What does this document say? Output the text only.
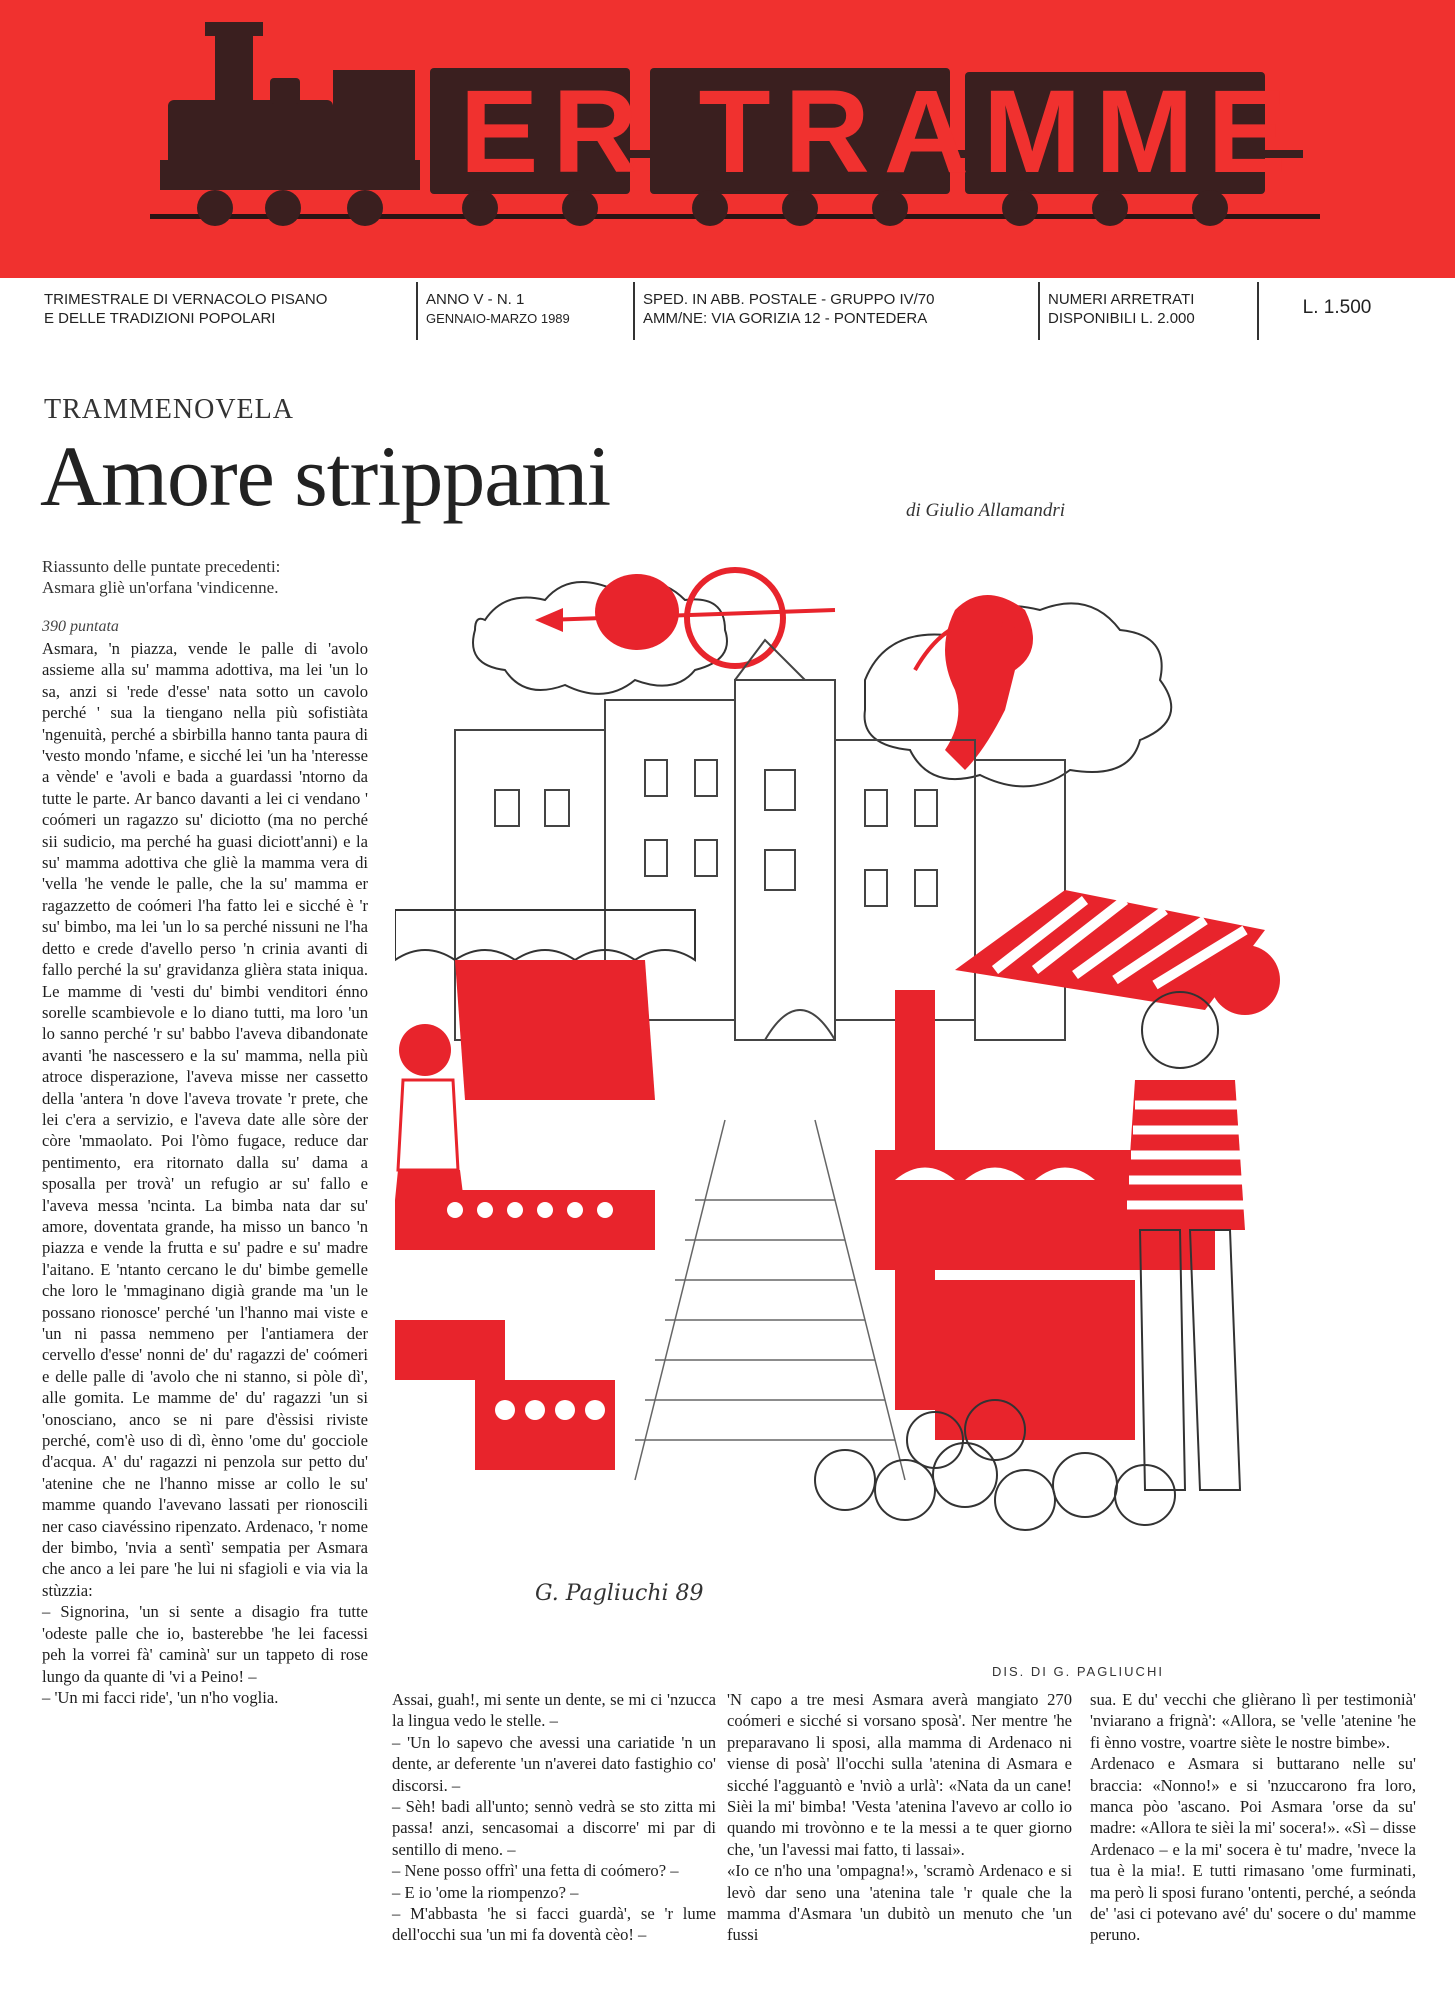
ER TRAMME
TRIMESTRALE DI VERNACOLO PISANO
E DELLE TRADIZIONI POPOLARI
ANNO V - N. 1
GENNAIO-MARZO 1989
SPED. IN ABB. POSTALE - GRUPPO IV/70
AMM/NE: VIA GORIZIA 12 - PONTEDERA
NUMERI ARRETRATI
DISPONIBILI L. 2.000
L. 1.500
TRAMMENOVELA
Amore strippami	di Giulio Allamandri
Riassunto delle puntate precedenti:
Asmara gliè un'orfana 'vindicenne.
390 puntata

Asmara, 'n piazza, vende le palle di 'avolo assieme alla su' mamma adottiva, ma lei 'un lo sa, anzi si 'rede d'esse' nata sotto un cavolo perché ' sua la tiengano nella più sofistiàta 'ngenuità, perché a sbirbilla hanno tanta paura di 'vesto mondo 'nfame, e sicché lei 'un ha 'nteresse a vènde' e 'avoli e bada a guardassi 'ntorno da tutte le parte. Ar banco davanti a lei ci vendano ' coómeri un ragazzo su' diciotto (ma no perché sii sudicio, ma perché ha guasi diciott'anni) e la su' mamma adottiva che gliè la mamma vera di 'vella 'he vende le palle, che la su' mamma er ragazzetto de coómeri l'ha fatto lei e sicché è 'r su' bimbo, ma lei 'un lo sa perché nissuni ne l'ha detto e crede d'avello perso 'n crinia avanti di fallo perché la su' gravidanza glièra stata iniqua. Le mamme di 'vesti du' bimbi venditori énno sorelle scambievole e lo diano tutti, ma loro 'un lo sanno perché 'r su' babbo l'aveva dibandonate avanti 'he nascessero e la su' mamma, nella più atroce disperazione, l'aveva misse ner cassetto della 'antera 'n dove l'aveva trovate 'r prete, che lei c'era a servizio, e l'aveva date alle sòre der còre 'mmaolato. Poi l'òmo fugace, reduce dar pentimento, era ritornato dalla su' dama a sposalla per trovà' un refugio ar su' fallo e l'aveva messa 'ncinta. La bimba nata dar su' amore, doventata grande, ha misso un banco 'n piazza e vende la frutta e su' padre e su' madre l'aitano. E 'ntanto cercano le du' bimbe gemelle che loro le 'mmaginano digià grande ma 'un le possano rionosce' perché 'un l'hanno mai viste e 'un ni passa nemmeno per l'antiamera der cervello d'esse' nonni de' du' ragazzi de' coómeri e delle palle di 'avolo che ni stanno, si pòle dì', alle gomita. Le mamme de' du' ragazzi 'un si 'onosciano, anco se ni pare d'èssisi riviste perché, com'è uso di dì, ènno 'ome du' gocciole d'acqua. A' du' ragazzi ni penzola sur petto du' 'atenine che ne l'hanno misse ar collo le su' mamme quando l'avevano lassati per rionoscili ner caso ciavéssino ripenzato. Ardenaco, 'r nome der bimbo, 'nvia a sentì' sempatia per Asmara che anco a lei pare 'he lui ni sfagioli e via via la stùzzia:
– Signorina, 'un si sente a disagio fra tutte 'odeste palle che io, basterebbe 'he lei facessi peh la vorrei fà' caminà' sur un tappeto di rose lungo da quante di 'vi a Peino! –
– 'Un mi facci ride', 'un n'ho voglia.	Assai, guah!, mi sente un dente, se mi ci 'nzucca la lingua vedo le stelle. –
– 'Un lo sapevo che avessi una cariatide 'n un dente, ar deferente 'un n'averei dato fastighio co' discorsi. –
– Sèh! badi all'unto; sennò vedrà se sto zitta mi passa! anzi, sencasomai a discorre' mi par di sentillo di meno. –
– Nene posso offrì' una fetta di coómero? –
– E io 'ome la riompenzo? –
– M'abbasta 'he si facci guardà', se 'r lume dell'occhi sua 'un mi fa doventà cèo! –

'N capo a tre mesi Asmara averà mangiato 270 coómeri e sicché si vorsano sposà'. Ner mentre 'he preparavano li sposi, alla mamma di Ardenaco ni viense di posà' ll'occhi sulla 'atenina di Asmara e sicché l'agguantò e 'nviò a urlà': «Nata da un cane! Sièi la mi' bimba! 'Vesta 'atenina l'avevo ar collo io quando mi trovònno e te la messi a te quer giorno che, 'un l'avessi mai fatto, ti lassai».
«Io ce n'ho una 'ompagna!», 'scramò Ardenaco e si levò dar seno una 'atenina tale 'r quale che la mamma d'Asmara 'un dubitò un menuto che 'un fussi

sua. E du' vecchi che glièrano lì per testimonià' 'nviarano a frignà': «Allora, se 'velle 'atenine 'he fi ènno vostre, voartre siète le nostre bimbe».
Ardenaco e Asmara si buttarano nelle su' braccia: «Nonno!» e si 'nzuccarono fra loro, manca pòo 'ascano. Poi Asmara 'orse da su' madre: «Allora te sièi la mi' socera!». «Sì – disse Ardenaco – e la mi' socera è tu' madre, 'nvece la tua è la mia!. E tutti rimasano 'ome furminati, ma però li sposi furano 'ontenti, perché, a seónda de' 'asi ci potevano avé' du' socere o du' mamme peruno.

G. Pagliuchi 89
DIS. DI G. PAGLIUCHI
